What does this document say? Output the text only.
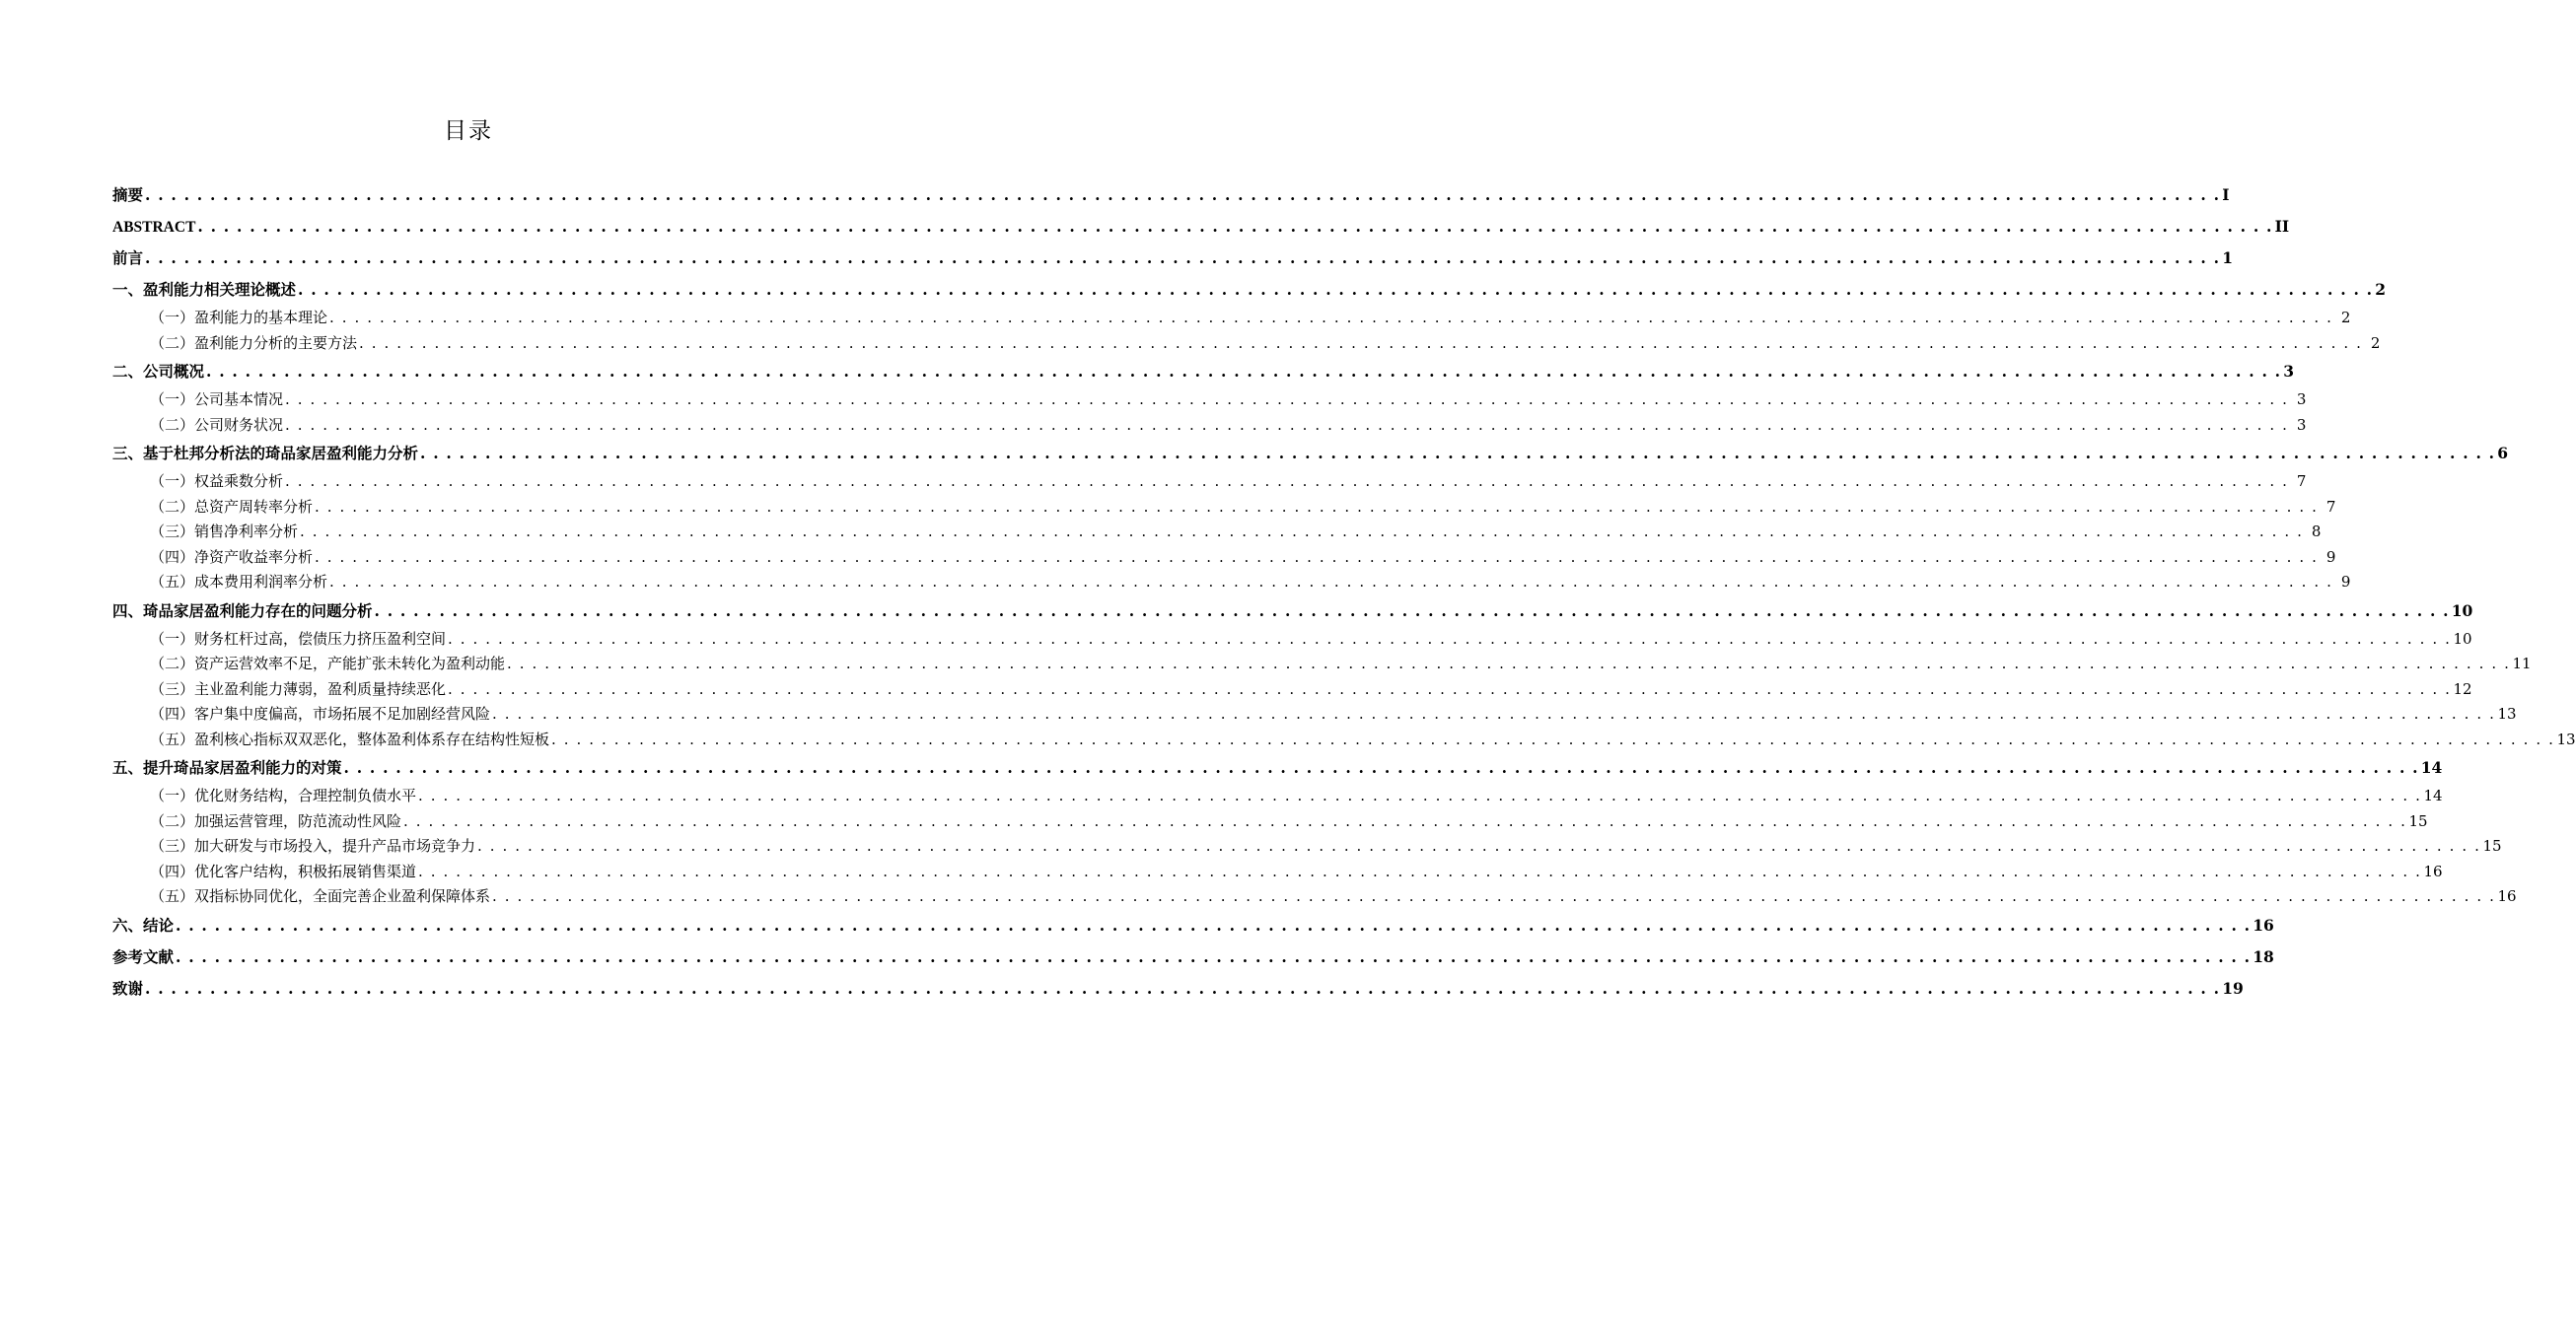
目录
摘要 . . . . . . . . . . . . . . . . . . . . . . . . . . . . . . . . . . . . . . . . . . . . . . . . . . . . . . . . . . . . . . . . . . . . . . . . . . . . . . . . . . . . . . . . . . . . . . . . . . . . . . . . . . . . . . . . . . . . . . . . . . . . . . . . . . . . . . . . . . . . . . . . . . . . . . . . . . . . . . . . I
ABSTRACT . . . . . . . . . . . . . . . . . . . . . . . . . . . . . . . . . . . . . . . . . . . . . . . . . . . . . . . . . . . . . . . . . . . . . . . . . . . . . . . . . . . . . . . . . . . . . . . . . . . . . . . . . . . . . . . . . . . . . . . . . . . . . . . . . . . . . . . . . . . . . . . . . . . . . . . . . . . . . . . . II
前言 . . . . . . . . . . . . . . . . . . . . . . . . . . . . . . . . . . . . . . . . . . . . . . . . . . . . . . . . . . . . . . . . . . . . . . . . . . . . . . . . . . . . . . . . . . . . . . . . . . . . . . . . . . . . . . . . . . . . . . . . . . . . . . . . . . . . . . . . . . . . . . . . . . . . . . . . . . . . . . . . 1
一、 盈利能力相关理论概述 . . . . . . . . . . . . . . . . . . . . . . . . . . . . . . . . . . . . . . . . . . . . . . . . . . . . . . . . . . . . . . . . . . . . . . . . . . . . . . . . . . . . . . . . . . . . . . . . . . . . . . . . . . . . . . . . . . . . . . . . . . . . . . . . . . . . . . . . . . . . . . . . . . . . . . . . . . . . . . . . 2
（一） 盈利能力的基本理论 . . . . . . . . . . . . . . . . . . . . . . . . . . . . . . . . . . . . . . . . . . . . . . . . . . . . . . . . . . . . . . . . . . . . . . . . . . . . . . . . . . . . . . . . . . . . . . . . . . . . . . . . . . . . . . . . . . . . . . . . . . . . . . . . . . . . . . . . . . . . . . . . . . . . . . . . . . . . . . . . 2
（二） 盈利能力分析的主要方法 . . . . . . . . . . . . . . . . . . . . . . . . . . . . . . . . . . . . . . . . . . . . . . . . . . . . . . . . . . . . . . . . . . . . . . . . . . . . . . . . . . . . . . . . . . . . . . . . . . . . . . . . . . . . . . . . . . . . . . . . . . . . . . . . . . . . . . . . . . . . . . . . . . . . . . . . . . . . . . . . 2
二、 公司概况 . . . . . . . . . . . . . . . . . . . . . . . . . . . . . . . . . . . . . . . . . . . . . . . . . . . . . . . . . . . . . . . . . . . . . . . . . . . . . . . . . . . . . . . . . . . . . . . . . . . . . . . . . . . . . . . . . . . . . . . . . . . . . . . . . . . . . . . . . . . . . . . . . . . . . . . . . . . . . . . . 3
（一） 公司基本情况 . . . . . . . . . . . . . . . . . . . . . . . . . . . . . . . . . . . . . . . . . . . . . . . . . . . . . . . . . . . . . . . . . . . . . . . . . . . . . . . . . . . . . . . . . . . . . . . . . . . . . . . . . . . . . . . . . . . . . . . . . . . . . . . . . . . . . . . . . . . . . . . . . . . . . . . . . . . . . . . . 3
（二） 公司财务状况 . . . . . . . . . . . . . . . . . . . . . . . . . . . . . . . . . . . . . . . . . . . . . . . . . . . . . . . . . . . . . . . . . . . . . . . . . . . . . . . . . . . . . . . . . . . . . . . . . . . . . . . . . . . . . . . . . . . . . . . . . . . . . . . . . . . . . . . . . . . . . . . . . . . . . . . . . . . . . . . . 3
三、 基于杜邦分析法的琦品家居盈利能力分析 . . . . . . . . . . . . . . . . . . . . . . . . . . . . . . . . . . . . . . . . . . . . . . . . . . . . . . . . . . . . . . . . . . . . . . . . . . . . . . . . . . . . . . . . . . . . . . . . . . . . . . . . . . . . . . . . . . . . . . . . . . . . . . . . . . . . . . . . . . . . . . . . . . . . . . . . . . . . . . . . 6
（一） 权益乘数分析 . . . . . . . . . . . . . . . . . . . . . . . . . . . . . . . . . . . . . . . . . . . . . . . . . . . . . . . . . . . . . . . . . . . . . . . . . . . . . . . . . . . . . . . . . . . . . . . . . . . . . . . . . . . . . . . . . . . . . . . . . . . . . . . . . . . . . . . . . . . . . . . . . . . . . . . . . . . . . . . . 7
（二） 总资产周转率分析 . . . . . . . . . . . . . . . . . . . . . . . . . . . . . . . . . . . . . . . . . . . . . . . . . . . . . . . . . . . . . . . . . . . . . . . . . . . . . . . . . . . . . . . . . . . . . . . . . . . . . . . . . . . . . . . . . . . . . . . . . . . . . . . . . . . . . . . . . . . . . . . . . . . . . . . . . . . . . . . . 7
（三） 销售净利率分析 . . . . . . . . . . . . . . . . . . . . . . . . . . . . . . . . . . . . . . . . . . . . . . . . . . . . . . . . . . . . . . . . . . . . . . . . . . . . . . . . . . . . . . . . . . . . . . . . . . . . . . . . . . . . . . . . . . . . . . . . . . . . . . . . . . . . . . . . . . . . . . . . . . . . . . . . . . . . . . . . 8
（四） 净资产收益率分析 . . . . . . . . . . . . . . . . . . . . . . . . . . . . . . . . . . . . . . . . . . . . . . . . . . . . . . . . . . . . . . . . . . . . . . . . . . . . . . . . . . . . . . . . . . . . . . . . . . . . . . . . . . . . . . . . . . . . . . . . . . . . . . . . . . . . . . . . . . . . . . . . . . . . . . . . . . . . . . . . 9
（五） 成本费用利润率分析 . . . . . . . . . . . . . . . . . . . . . . . . . . . . . . . . . . . . . . . . . . . . . . . . . . . . . . . . . . . . . . . . . . . . . . . . . . . . . . . . . . . . . . . . . . . . . . . . . . . . . . . . . . . . . . . . . . . . . . . . . . . . . . . . . . . . . . . . . . . . . . . . . . . . . . . . . . . . . . . . 9
四、 琦品家居盈利能力存在的问题分析 . . . . . . . . . . . . . . . . . . . . . . . . . . . . . . . . . . . . . . . . . . . . . . . . . . . . . . . . . . . . . . . . . . . . . . . . . . . . . . . . . . . . . . . . . . . . . . . . . . . . . . . . . . . . . . . . . . . . . . . . . . . . . . . . . . . . . . . . . . . . . . . . . . . . . . . . . . . . . . . . 10
（一） 财务杠杆过高，偿债压力挤压盈利空间 . . . . . . . . . . . . . . . . . . . . . . . . . . . . . . . . . . . . . . . . . . . . . . . . . . . . . . . . . . . . . . . . . . . . . . . . . . . . . . . . . . . . . . . . . . . . . . . . . . . . . . . . . . . . . . . . . . . . . . . . . . . . . . . . . . . . . . . . . . . . . . . . . . . . . . . . . . . . . . . . 10
（二） 资产运营效率不足，产能扩张未转化为盈利动能 . . . . . . . . . . . . . . . . . . . . . . . . . . . . . . . . . . . . . . . . . . . . . . . . . . . . . . . . . . . . . . . . . . . . . . . . . . . . . . . . . . . . . . . . . . . . . . . . . . . . . . . . . . . . . . . . . . . . . . . . . . . . . . . . . . . . . . . . . . . . . . . . . . . . . . . . . . . . . . . . 11
（三） 主业盈利能力薄弱，盈利质量持续恶化 . . . . . . . . . . . . . . . . . . . . . . . . . . . . . . . . . . . . . . . . . . . . . . . . . . . . . . . . . . . . . . . . . . . . . . . . . . . . . . . . . . . . . . . . . . . . . . . . . . . . . . . . . . . . . . . . . . . . . . . . . . . . . . . . . . . . . . . . . . . . . . . . . . . . . . . . . . . . . . . . 12
（四） 客户集中度偏高，市场拓展不足加剧经营风险 . . . . . . . . . . . . . . . . . . . . . . . . . . . . . . . . . . . . . . . . . . . . . . . . . . . . . . . . . . . . . . . . . . . . . . . . . . . . . . . . . . . . . . . . . . . . . . . . . . . . . . . . . . . . . . . . . . . . . . . . . . . . . . . . . . . . . . . . . . . . . . . . . . . . . . . . . . . . . . . . 13
（五） 盈利核心指标双双恶化，整体盈利体系存在结构性短板 . . . . . . . . . . . . . . . . . . . . . . . . . . . . . . . . . . . . . . . . . . . . . . . . . . . . . . . . . . . . . . . . . . . . . . . . . . . . . . . . . . . . . . . . . . . . . . . . . . . . . . . . . . . . . . . . . . . . . . . . . . . . . . . . . . . . . . . . . . . . . . . . . . . . . . . . . . . . . . . . 13
五、 提升琦品家居盈利能力的对策 . . . . . . . . . . . . . . . . . . . . . . . . . . . . . . . . . . . . . . . . . . . . . . . . . . . . . . . . . . . . . . . . . . . . . . . . . . . . . . . . . . . . . . . . . . . . . . . . . . . . . . . . . . . . . . . . . . . . . . . . . . . . . . . . . . . . . . . . . . . . . . . . . . . . . . . . . . . . . . . . 14
（一） 优化财务结构，合理控制负债水平 . . . . . . . . . . . . . . . . . . . . . . . . . . . . . . . . . . . . . . . . . . . . . . . . . . . . . . . . . . . . . . . . . . . . . . . . . . . . . . . . . . . . . . . . . . . . . . . . . . . . . . . . . . . . . . . . . . . . . . . . . . . . . . . . . . . . . . . . . . . . . . . . . . . . . . . . . . . . . . . . 14
（二） 加强运营管理，防范流动性风险 . . . . . . . . . . . . . . . . . . . . . . . . . . . . . . . . . . . . . . . . . . . . . . . . . . . . . . . . . . . . . . . . . . . . . . . . . . . . . . . . . . . . . . . . . . . . . . . . . . . . . . . . . . . . . . . . . . . . . . . . . . . . . . . . . . . . . . . . . . . . . . . . . . . . . . . . . . . . . . . . 15
（三） 加大研发与市场投入，提升产品市场竞争力 . . . . . . . . . . . . . . . . . . . . . . . . . . . . . . . . . . . . . . . . . . . . . . . . . . . . . . . . . . . . . . . . . . . . . . . . . . . . . . . . . . . . . . . . . . . . . . . . . . . . . . . . . . . . . . . . . . . . . . . . . . . . . . . . . . . . . . . . . . . . . . . . . . . . . . . . . . . . . . . . 15
（四） 优化客户结构，积极拓展销售渠道 . . . . . . . . . . . . . . . . . . . . . . . . . . . . . . . . . . . . . . . . . . . . . . . . . . . . . . . . . . . . . . . . . . . . . . . . . . . . . . . . . . . . . . . . . . . . . . . . . . . . . . . . . . . . . . . . . . . . . . . . . . . . . . . . . . . . . . . . . . . . . . . . . . . . . . . . . . . . . . . . 16
（五） 双指标协同优化，全面完善企业盈利保障体系 . . . . . . . . . . . . . . . . . . . . . . . . . . . . . . . . . . . . . . . . . . . . . . . . . . . . . . . . . . . . . . . . . . . . . . . . . . . . . . . . . . . . . . . . . . . . . . . . . . . . . . . . . . . . . . . . . . . . . . . . . . . . . . . . . . . . . . . . . . . . . . . . . . . . . . . . . . . . . . . . 16
六、 结论 . . . . . . . . . . . . . . . . . . . . . . . . . . . . . . . . . . . . . . . . . . . . . . . . . . . . . . . . . . . . . . . . . . . . . . . . . . . . . . . . . . . . . . . . . . . . . . . . . . . . . . . . . . . . . . . . . . . . . . . . . . . . . . . . . . . . . . . . . . . . . . . . . . . . . . . . . . . . . . . . 16
参考文献 . . . . . . . . . . . . . . . . . . . . . . . . . . . . . . . . . . . . . . . . . . . . . . . . . . . . . . . . . . . . . . . . . . . . . . . . . . . . . . . . . . . . . . . . . . . . . . . . . . . . . . . . . . . . . . . . . . . . . . . . . . . . . . . . . . . . . . . . . . . . . . . . . . . . . . . . . . . . . . . . 18
致谢 . . . . . . . . . . . . . . . . . . . . . . . . . . . . . . . . . . . . . . . . . . . . . . . . . . . . . . . . . . . . . . . . . . . . . . . . . . . . . . . . . . . . . . . . . . . . . . . . . . . . . . . . . . . . . . . . . . . . . . . . . . . . . . . . . . . . . . . . . . . . . . . . . . . . . . . . . . . . . . . . 19
